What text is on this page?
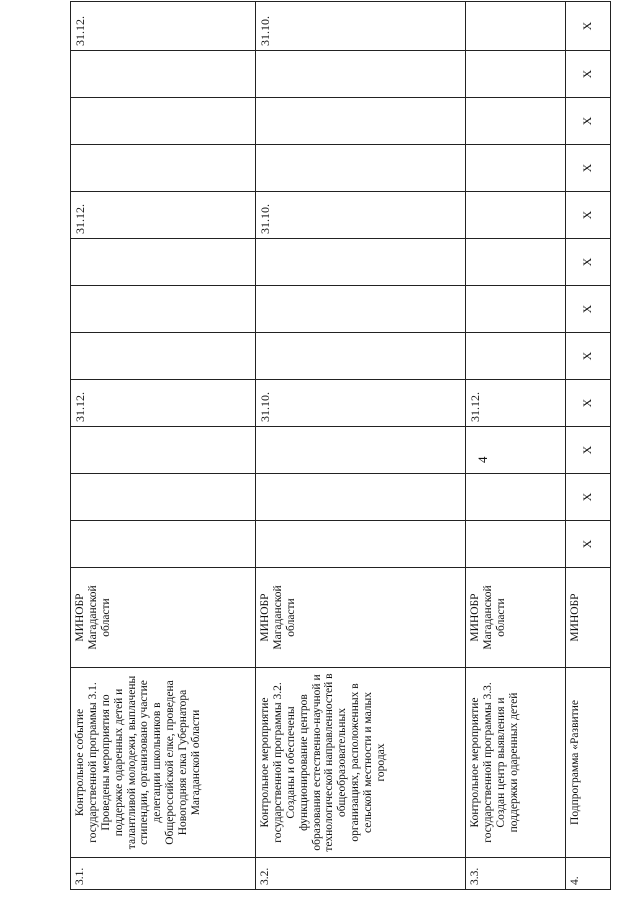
4
3.1.	Контрольное событие государственной программы 3.1. Проведены мероприятия по поддержке одаренных детей и талантливой молодежи, выплачены стипендии, организовано участие делегации школьников в Общероссийской елке, проведена Новогодняя елка Губернатора Магаданской области	МИНОБР Магаданской области				31.12.				31.12.				31.12.
3.2.	Контрольное мероприятие государственной программы 3.2. Созданы и обеспечены функционирование центров образования естественно-научной и технологической направленностей в общеобразовательных организациях, расположенных в сельской местности и малых городах	МИНОБР Магаданской области				31.10.				31.10.				31.10.
3.3.	Контрольное мероприятие государственной программы 3.3. Создан центр выявления и поддержки одаренных детей	МИНОБР Магаданской области				31.12.								
4.	Подпрограмма «Развитие	МИНОБР	X	X	X	X	X	X	X	X	X	X	X	X
